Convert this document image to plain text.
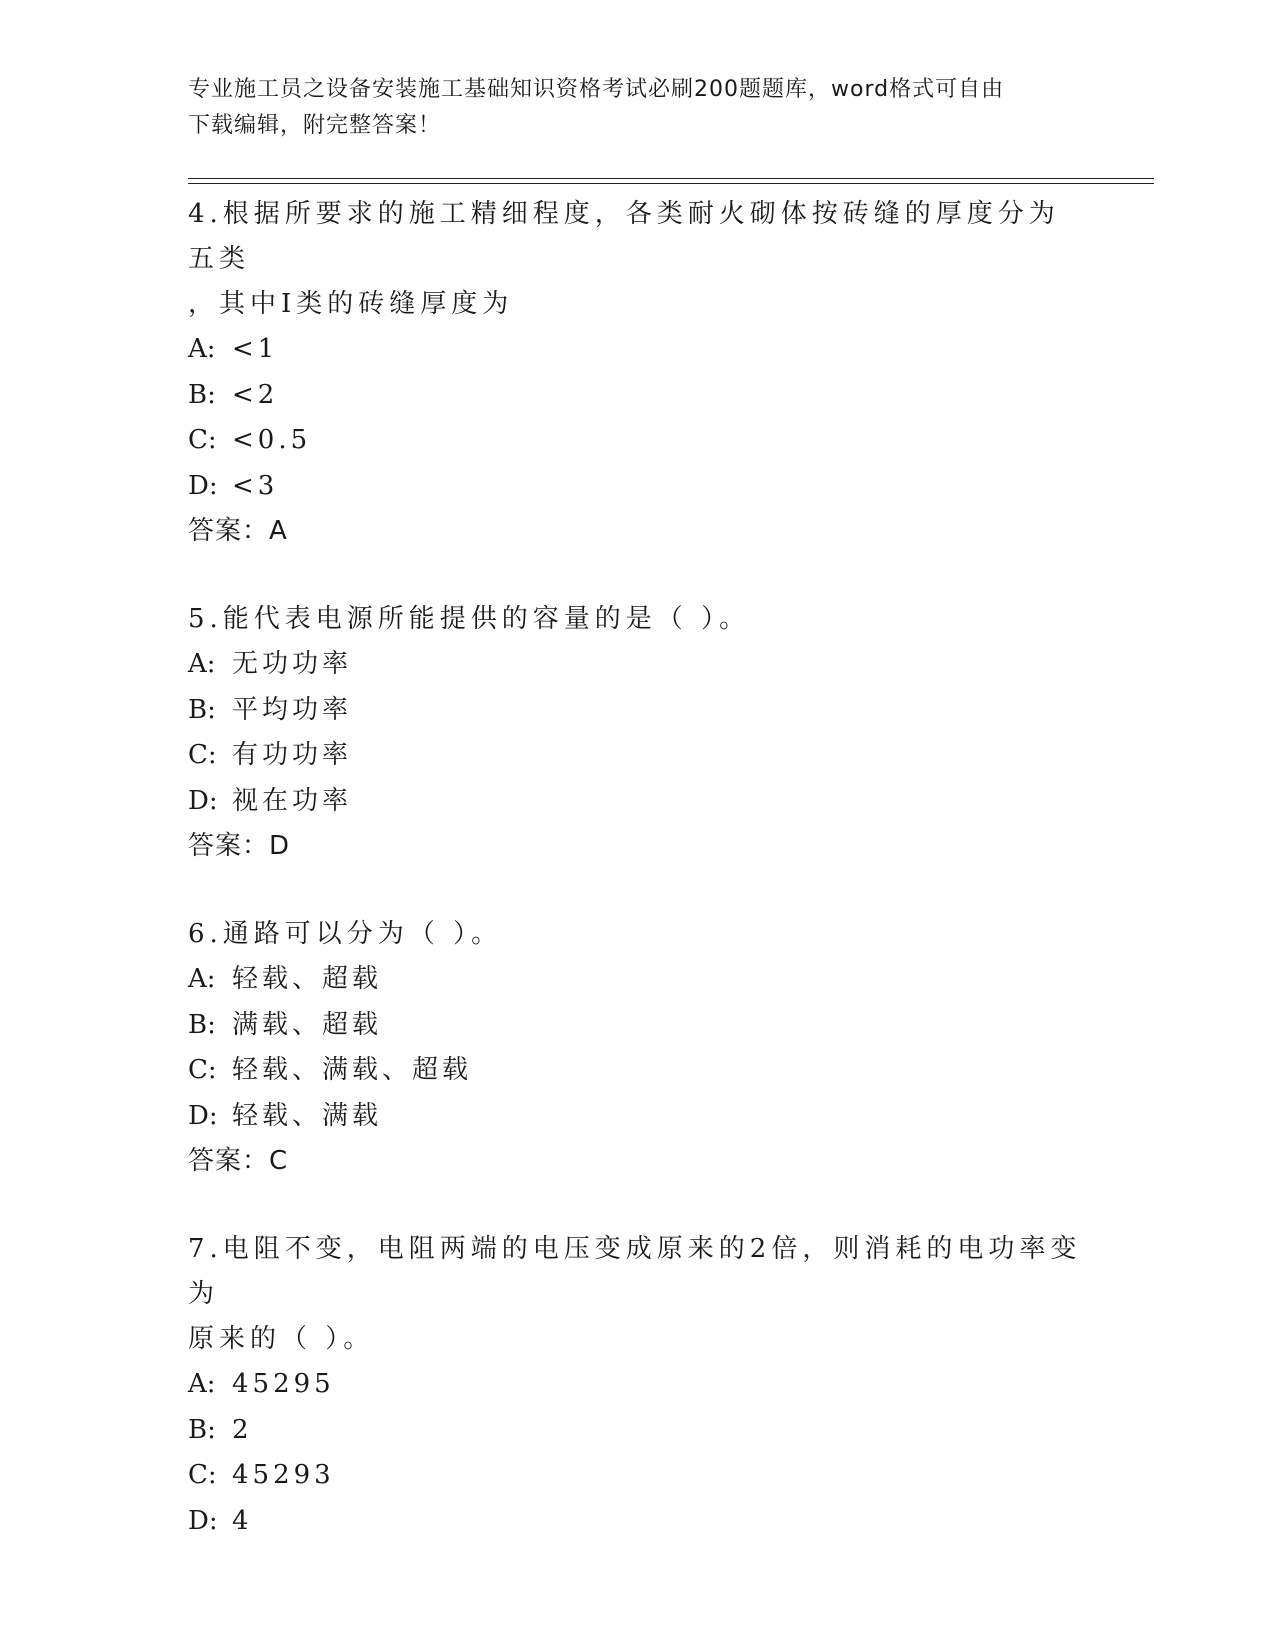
专业施工员之设备安装施工基础知识资格考试必刷200题题库，word格式可自由
下载编辑，附完整答案！
4.根据所要求的施工精细程度，各类耐火砌体按砖缝的厚度分为五类
，其中Ⅰ类的砖缝厚度为
A: <1
B: <2
C: <0.5
D: <3
答案：A
5.能代表电源所能提供的容量的是（ ）。
A: 无功功率
B: 平均功率
C: 有功功率
D: 视在功率
答案：D
6.通路可以分为（ ）。
A: 轻载、超载
B: 满载、超载
C: 轻载、满载、超载
D: 轻载、满载
答案：C
7.电阻不变，电阻两端的电压变成原来的2倍，则消耗的电功率变为
原来的（ ）。
A: 45295
B: 2
C: 45293
D: 4
